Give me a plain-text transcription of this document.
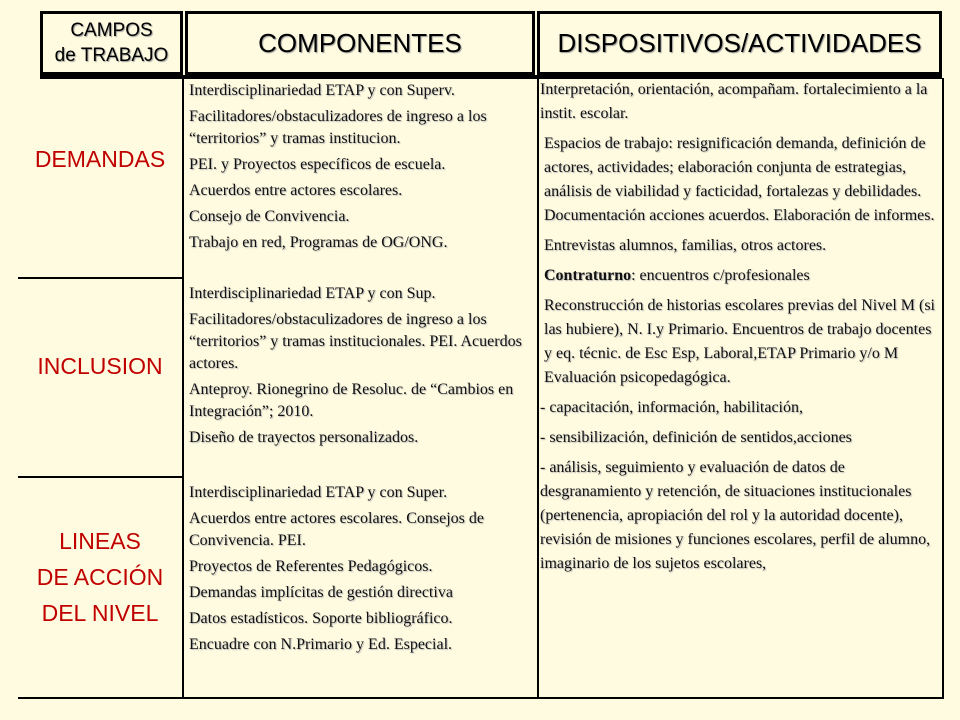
CAMPOS
de TRABAJO	COMPONENTES	DISPOSITIVOS/ACTIVIDADES
DEMANDAS
INCLUSION
LINEAS
DE ACCIÓN
DEL NIVEL
Interdisciplinariedad ETAP y con Superv.
Facilitadores/obstaculizadores de ingreso a los “territorios” y tramas institucion.
PEI. y Proyectos específicos de escuela.
Acuerdos entre actores escolares.
Consejo de Convivencia.
Trabajo en red, Programas de OG/ONG.
Interdisciplinariedad ETAP y con Sup.
Facilitadores/obstaculizadores de ingreso a los “territorios” y tramas institucionales. PEI. Acuerdos actores.
Anteproy. Rionegrino de Resoluc. de “Cambios en Integración”; 2010.
Diseño de trayectos personalizados.
Interdisciplinariedad ETAP y con Super.
Acuerdos entre actores escolares. Consejos de Convivencia. PEI.
Proyectos de Referentes Pedagógicos.
Demandas implícitas de gestión directiva
Datos estadísticos. Soporte bibliográfico.
Encuadre con N.Primario y Ed. Especial.
Interpretación, orientación, acompañam. fortalecimiento a la instit. escolar.
Espacios de trabajo: resignificación demanda, definición de actores, actividades; elaboración conjunta de estrategias, análisis de viabilidad y facticidad, fortalezas y debilidades. Documentación acciones acuerdos. Elaboración de informes.
Entrevistas alumnos, familias, otros actores.
Contraturno: encuentros c/profesionales
Reconstrucción de historias escolares previas del Nivel M (si las hubiere), N. I.y Primario. Encuentros de trabajo docentes y eq. técnic. de Esc Esp, Laboral,ETAP Primario y/o M Evaluación psicopedagógica.
- capacitación, información, habilitación,
- sensibilización, definición de sentidos,acciones
- análisis, seguimiento y evaluación de datos de desgranamiento y retención, de situaciones institucionales (pertenencia, apropiación del rol y la autoridad docente), revisión de misiones y funciones escolares, perfil de alumno, imaginario de los sujetos escolares,
